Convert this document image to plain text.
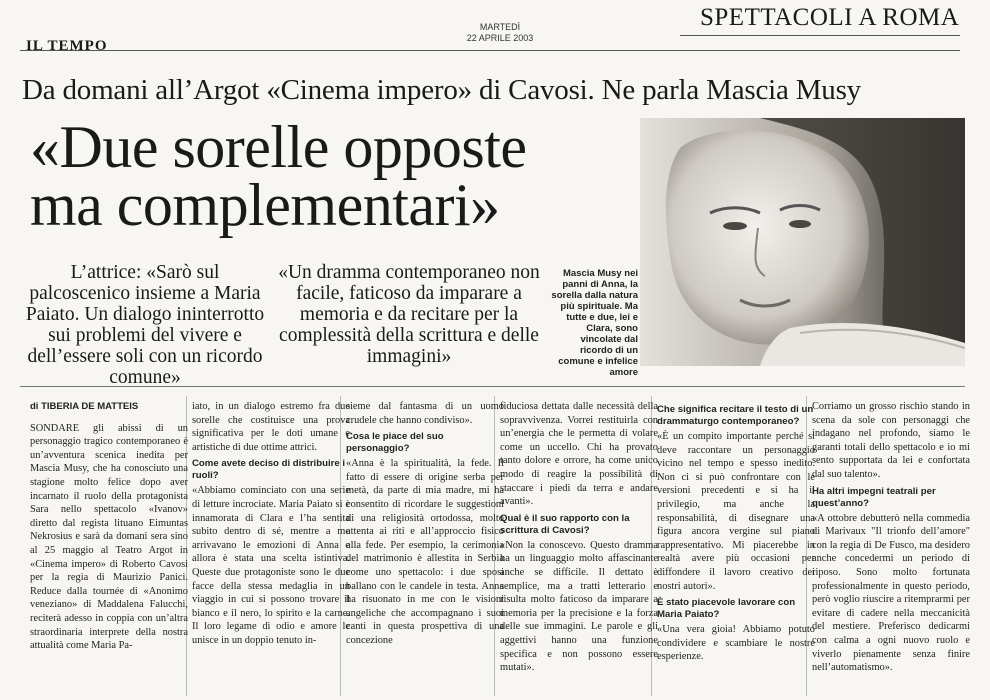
IL TEMPO
MARTEDÌ
22 APRILE 2003
SPETTACOLI A ROMA
Da domani all’Argot «Cinema impero» di Cavosi. Ne parla Mascia Musy
«Due sorelle opposte
ma complementari»
L’attrice: «Sarò sul palcoscenico insieme a Maria Paiato. Un dialogo ininterrotto sui problemi del vivere e dell’essere soli con un ricordo comune»
«Un dramma contemporaneo non facile, faticoso da imparare a memoria e da recitare per la complessità della scrittura e delle immagini»
Mascia Musy nei panni di Anna, la sorella dalla natura più spirituale. Ma tutte e due, lei e Clara, sono vincolate dal ricordo di un comune e infelice amore
di TIBERIA DE MATTEIS

SONDARE gli abissi di un personaggio tragico contemporaneo è un’avventura scenica inedita per Mascia Musy, che ha conosciuto una stagione molto felice dopo aver incarnato il ruolo della protagonista Sara nello spettacolo «Ivanov» diretto dal regista lituano Eimuntas Nekrosius e sarà da domani sera sino al 25 maggio al Teatro Argot in «Cinema impero» di Roberto Cavosi per la regia di Maurizio Panici. Reduce dalla tournée di «Anonimo veneziano» di Maddalena Falucchi, reciterà adesso in coppia con un’altra straordinaria interprete della nostra attualità come Maria Pa-

iato, in un dialogo estremo fra due sorelle che costituisce una prova significativa per le doti umane e artistiche di due ottime attrici.

Come avete deciso di distribuire i ruoli?

«Abbiamo cominciato con una serie di letture incrociate. Maria Paiato si è innamorata di Clara e l’ha sentita subito dentro di sé, mentre a me arrivavano le emozioni di Anna e allora è stata una scelta istintiva. Queste due protagoniste sono le due facce della stessa medaglia in un viaggio in cui si possono trovare il bianco e il nero, lo spirito e la carne. Il loro legame di odio e amore le unisce in un doppio tenuto in-

sieme dal fantasma di un uomo crudele che hanno condiviso».

Cosa le piace del suo personaggio?

«Anna è la spiritualità, la fede. Il fatto di essere di origine serba per metà, da parte di mia madre, mi ha consentito di ricordare le suggestioni di una religiosità ortodossa, molto attenta ai riti e all’approccio fisico alla fede. Per esempio, la cerimonia del matrimonio è allestita in Serbia come uno spettacolo: i due sposi ballano con le candele in testa. Anna ha risuonato in me con le visioni angeliche che accompagnano i suoi canti in questa prospettiva di una concezione

fiduciosa dettata dalle necessità della sopravvivenza. Vorrei restituirla con un’energia che le permetta di volare come un uccello. Chi ha provato tanto dolore e orrore, ha come unico modo di reagire la possibilità di staccare i piedi da terra e andare avanti».

Qual è il suo rapporto con la scrittura di Cavosi?

«Non la conoscevo. Questo dramma ha un linguaggio molto affascinante anche se difficile. Il dettato è semplice, ma a tratti letterario e risulta molto faticoso da imparare a memoria per la precisione e la forza delle sue immagini. Le parole e gli aggettivi hanno una funzione specifica e non possono essere mutati».

Che significa recitare il testo di un drammaturgo contemporaneo?

«È un compito importante perché si deve raccontare un personaggio vicino nel tempo e spesso inedito. Non ci si può confrontare con le versioni precedenti e si ha il privilegio, ma anche la responsabilità, di disegnare una figura ancora vergine sul piano rappresentativo. Mi piacerebbe in realtà avere più occasioni per diffondere il lavoro creativo dei nostri autori».

È stato piacevole lavorare con Maria Paiato?

«Una vera gioia! Abbiamo potuto condividere e scambiare le nostre esperienze.

Corriamo un grosso rischio stando in scena da sole con personaggi che indagano nel profondo, siamo le garanti totali dello spettacolo e io mi sento supportata da lei e confortata dal suo talento».

Ha altri impegni teatrali per quest’anno?

«A ottobre debutterò nella commedia di Marivaux "Il trionfo dell’amore" con la regia di De Fusco, ma desidero anche concedermi un periodo di riposo. Sono molto fortunata professionalmente in questo periodo, però voglio riuscire a ritemprarmi per evitare di cadere nella meccanicità del mestiere. Preferisco dedicarmi con calma a ogni nuovo ruolo e viverlo pienamente senza finire nell’automatismo».
